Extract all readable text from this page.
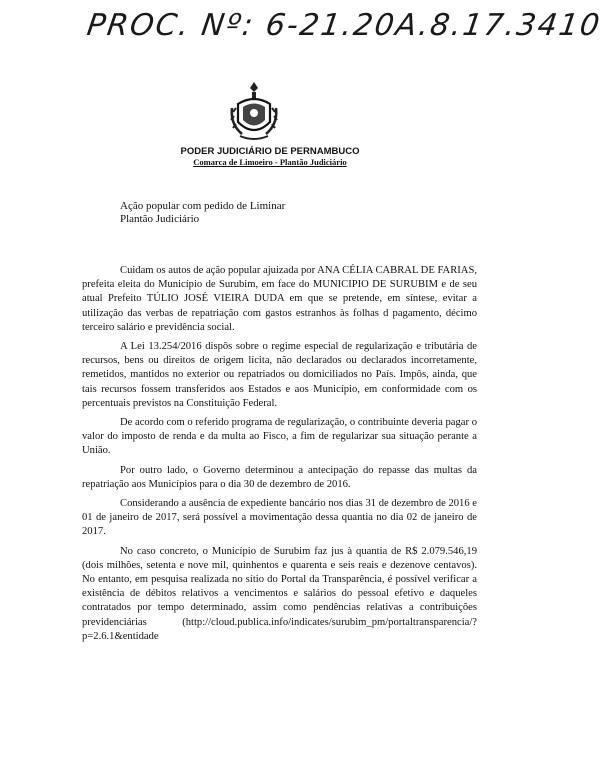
PROC. Nº: 6-21.20A.8.17.3410
PODER JUDICIÁRIO DE PERNAMBUCO
Comarca de Limoeiro - Plantão Judiciário
Ação popular com pedido de Liminar
Plantão Judiciário

Cuidam os autos de ação popular ajuizada por ANA CÉLIA CABRAL DE FARIAS, prefeita eleita do Município de Surubim, em face do MUNICIPIO DE SURUBIM e de seu atual Prefeito TÚLIO JOSÉ VIEIRA DUDA em que se pretende, em síntese, evitar a utilização das verbas de repatriação com gastos estranhos às folhas d pagamento, décimo terceiro salário e previdência social.

A Lei 13.254/2016 dispôs sobre o regime especial de regularização e tributária de recursos, bens ou direitos de origem lícita, não declarados ou declarados incorretamente, remetidos, mantidos no exterior ou repatriados ou domiciliados no País. Impôs, ainda, que tais recursos fossem transferidos aos Estados e aos Município, em conformidade com os percentuais previstos na Constituição Federal.

De acordo com o referido programa de regularização, o contribuinte deveria pagar o valor do imposto de renda e da multa ao Fisco, a fim de regularizar sua situação perante a União.

Por outro lado, o Governo determinou a antecipação do repasse das multas da repatriação aos Municípios para o dia 30 de dezembro de 2016.

Considerando a ausência de expediente bancário nos dias 31 de dezembro de 2016 e 01 de janeiro de 2017, será possível a movimentação dessa quantia no dia 02 de janeiro de 2017.

No caso concreto, o Município de Surubim faz jus à quantia de R$ 2.079.546,19 (dois milhões, setenta e nove mil, quinhentos e quarenta e seis reais e dezenove centavos). No entanto, em pesquisa realizada no sítio do Portal da Transparência, é possível verificar a existência de débitos relativos a vencimentos e salários do pessoal efetivo e daqueles contratados por tempo determinado, assim como pendências relativas a contribuições previdenciárias (http://cloud.publica.info/indicates/surubim_pm/portaltransparencia/?p=2.6.1&entidade
